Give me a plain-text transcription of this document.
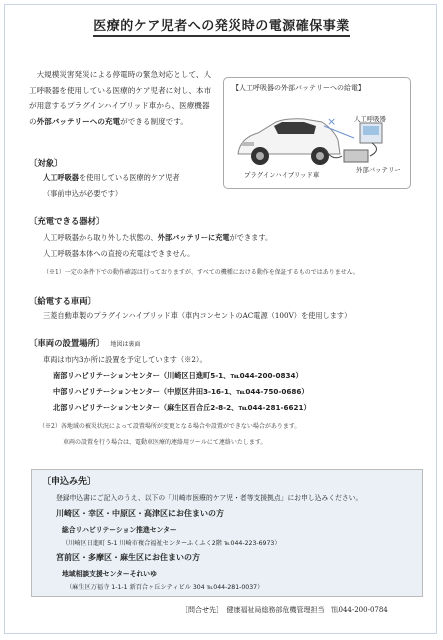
医療的ケア児者への発災時の電源確保事業
大規模災害発災による停電時の緊急対応として、人工呼吸器を使用している医療的ケア児者に対し、本市が用意するプラグインハイブリッド車から、医療機器の外部バッテリーへの充電ができる制度です。
【人工呼吸器の外部バッテリーへの給電】
×	人工呼吸器
プラグインハイブリッド車
外部バッテリー
〔対象〕
人工呼吸器を使用している医療的ケア児者
（事前申込が必要です）
〔充電できる器材〕
人工呼吸器から取り外した状態の、外部バッテリーに充電ができます。
人工呼吸器本体への直接の充電はできません。
（※1）一定の条件下での動作確認は行っておりますが、すべての機種における動作を保証するものではありません。
〔給電する車両〕
三菱自動車製のプラグインハイブリッド車（車内コンセントのAC電源（100V）を使用します）
〔車両の設置場所〕 地図は裏面
車両は市内3か所に設置を予定しています（※2）。
南部リハビリテーションセンター（川崎区日進町5-1、℡044-200-0834）
中部リハビリテーションセンター（中原区井田3-16-1、℡044-750-0686）
北部リハビリテーションセンター（麻生区百合丘2-8-2、℡044-281-6621）
（※2）各地域の被災状況によって設置場所が変更となる場合や設置ができない場合があります。
車両の設置を行う場合は、電動車医療的連絡用ツールにて連絡いたします。
〔申込み先〕
登録申込書にご記入のうえ、以下の「川崎市医療的ケア児・者等支援拠点」にお申し込みください。
川崎区・幸区・中原区・高津区にお住まいの方
総合リハビリテーション推進センター
（川崎区日進町 5-1 川崎市複合福祉センターふくふく2階 ℡044-223-6973）
宮前区・多摩区・麻生区にお住まいの方
地域相談支援センターそれいゆ
（麻生区万福寺 1-1-1 新百合ヶ丘シティビル 304 ℡044-281-0037）
［問合せ先］　健康福祉局総務部危機管理担当　℡044-200-0784
